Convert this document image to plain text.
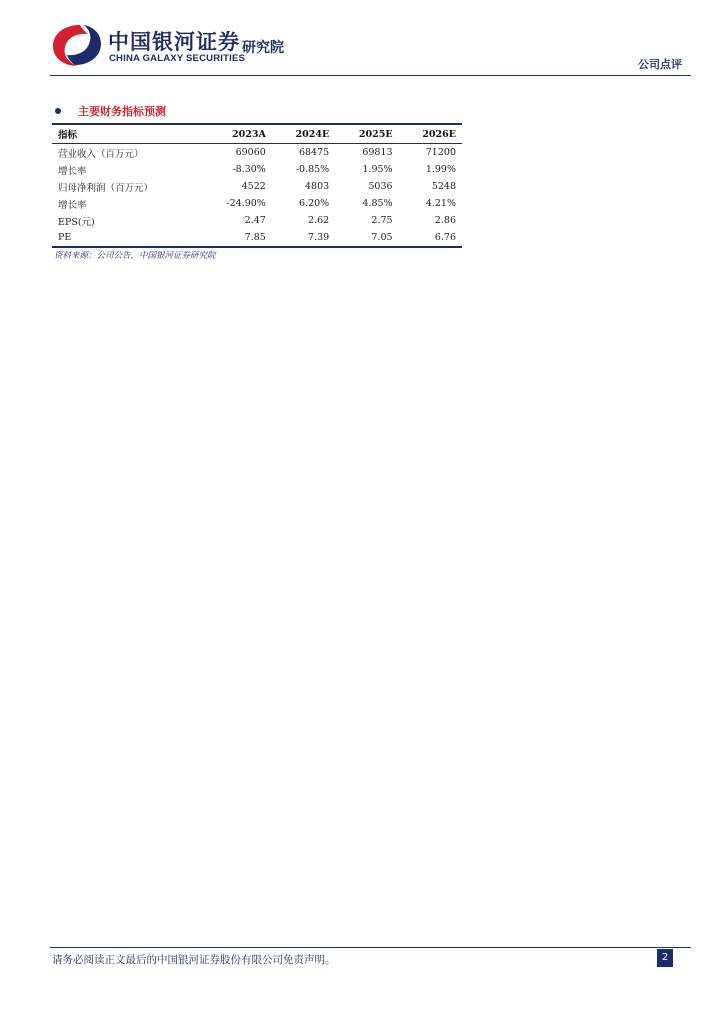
中国银河证券
CHINA GALAXY SECURITIES
研究院
公司点评
主要财务指标预测
指标	2023A	2024E	2025E	2026E
营业收入（百万元）	69060	68475	69813	71200
增长率	-8.30%	-0.85%	1.95%	1.99%
归母净利润（百万元）	4522	4803	5036	5248
增长率	-24.90%	6.20%	4.85%	4.21%
EPS(元)	2.47	2.62	2.75	2.86
PE	7.85	7.39	7.05	6.76
资料来源：公司公告，中国银河证券研究院
请务必阅读正文最后的中国银河证券股份有限公司免责声明。	2
